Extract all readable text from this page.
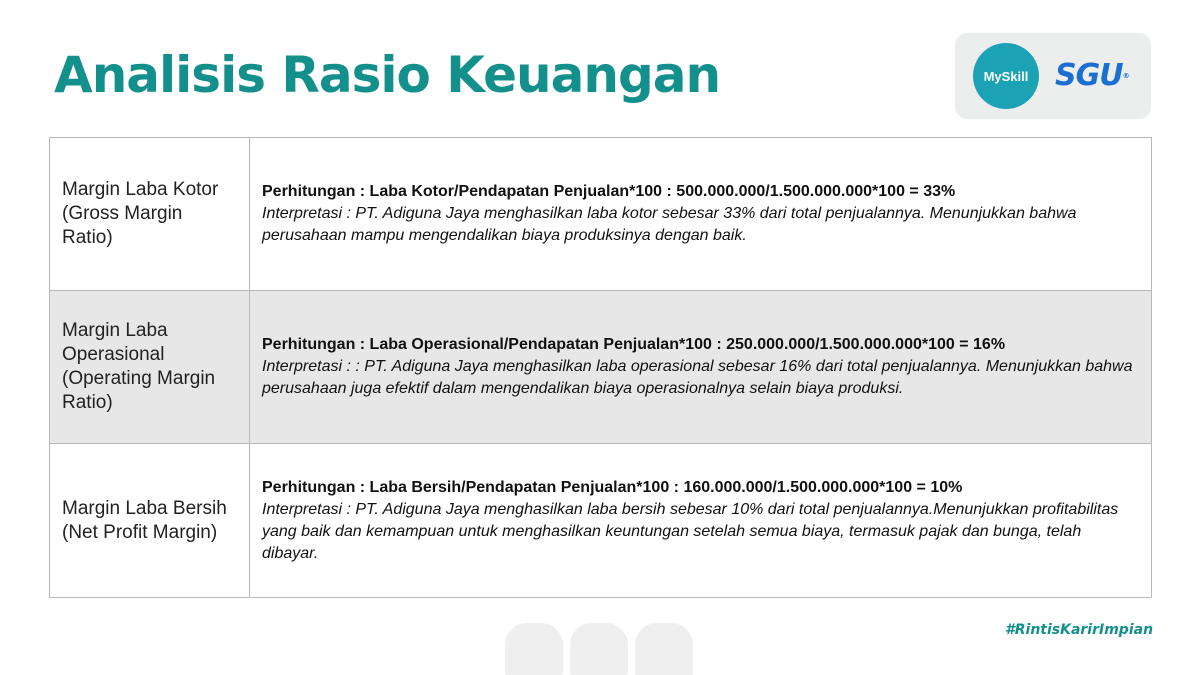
Analisis Rasio Keuangan	MySkill SGU®
Margin Laba Kotor (Gross Margin Ratio)	Perhitungan : Laba Kotor/Pendapatan Penjualan*100 : 500.000.000/1.500.000.000*100 = 33%
Interpretasi : PT. Adiguna Jaya menghasilkan laba kotor sebesar 33% dari total penjualannya. Menunjukkan bahwa perusahaan mampu mengendalikan biaya produksinya dengan baik.

Margin Laba Operasional (Operating Margin Ratio)	Perhitungan : Laba Operasional/Pendapatan Penjualan*100 : 250.000.000/1.500.000.000*100 = 16%
Interpretasi : : PT. Adiguna Jaya menghasilkan laba operasional sebesar 16% dari total penjualannya. Menunjukkan bahwa perusahaan juga efektif dalam mengendalikan biaya operasionalnya selain biaya produksi.

Margin Laba Bersih (Net Profit Margin)	Perhitungan : Laba Bersih/Pendapatan Penjualan*100 : 160.000.000/1.500.000.000*100 = 10%
Interpretasi : PT. Adiguna Jaya menghasilkan laba bersih sebesar 10% dari total penjualannya.Menunjukkan profitabilitas yang baik dan kemampuan untuk menghasilkan keuntungan setelah semua biaya, termasuk pajak dan bunga, telah dibayar.
#RintisKarirImpian
